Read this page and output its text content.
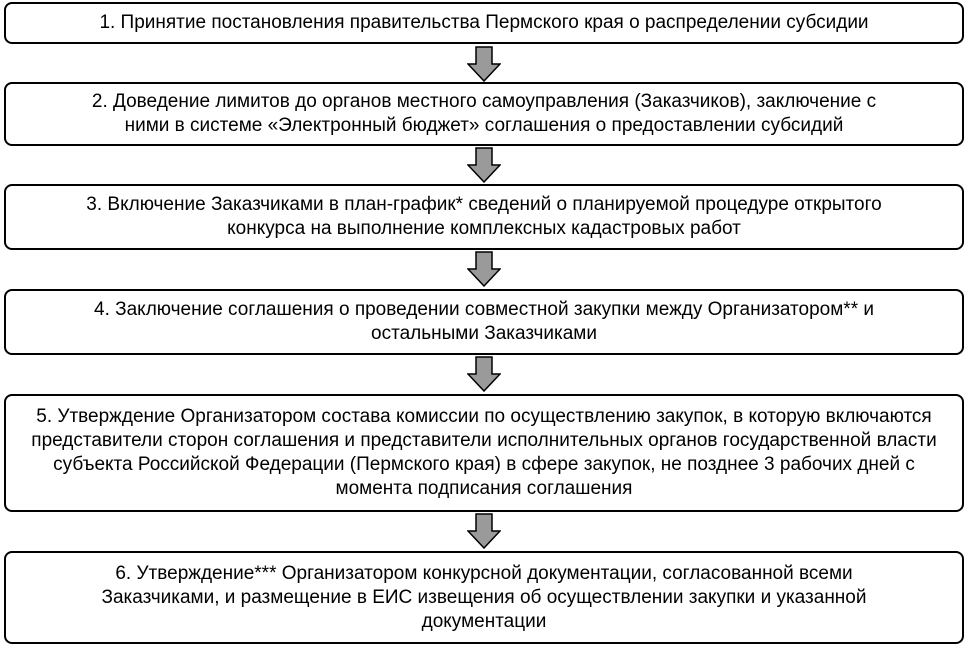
1. Принятие постановления правительства Пермского края о распределении субсидии
2. Доведение лимитов до органов местного самоуправления (Заказчиков), заключение с ними в системе «Электронный бюджет» соглашения о предоставлении субсидий
3. Включение Заказчиками в план-график* сведений о планируемой процедуре открытого конкурса на выполнение комплексных кадастровых работ
4. Заключение соглашения о проведении совместной закупки между Организатором** и остальными Заказчиками
5. Утверждение Организатором состава комиссии по осуществлению закупок, в которую включаются представители сторон соглашения и представители исполнительных органов государственной власти субъекта Российской Федерации (Пермского края) в сфере закупок, не позднее 3 рабочих дней с момента подписания соглашения
6. Утверждение*** Организатором конкурсной документации, согласованной всеми Заказчиками, и размещение в ЕИС извещения об осуществлении закупки и указанной документации
